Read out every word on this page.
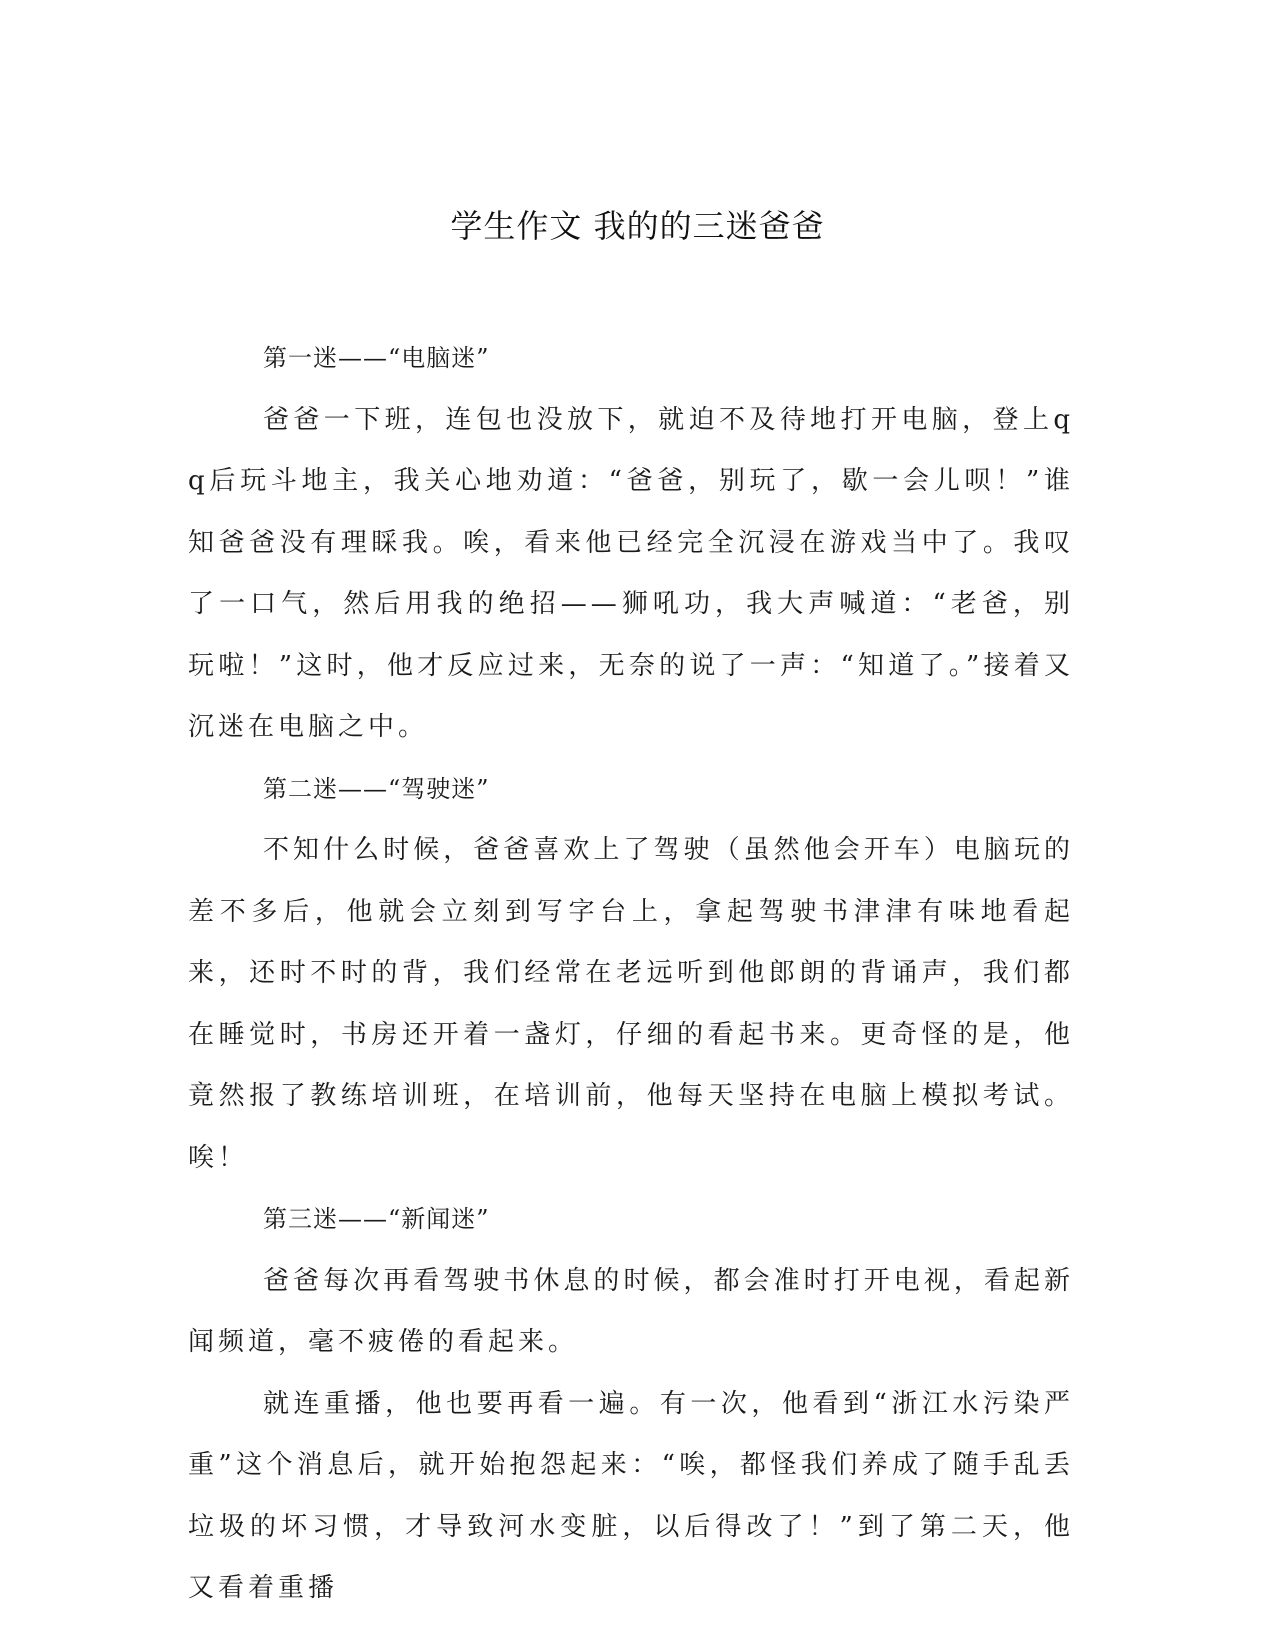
学生作文 我的的三迷爸爸

第一迷——“电脑迷”

爸爸一下班，连包也没放下，就迫不及待地打开电脑，登上qq后玩斗地主，我关心地劝道：“爸爸，别玩了，歇一会儿呗！”谁知爸爸没有理睬我。唉，看来他已经完全沉浸在游戏当中了。我叹了一口气，然后用我的绝招——狮吼功，我大声喊道：“老爸，别玩啦！”这时，他才反应过来，无奈的说了一声：“知道了。”接着又沉迷在电脑之中。

第二迷——“驾驶迷”

不知什么时候，爸爸喜欢上了驾驶（虽然他会开车）电脑玩的差不多后，他就会立刻到写字台上，拿起驾驶书津津有味地看起来，还时不时的背，我们经常在老远听到他郎朗的背诵声，我们都在睡觉时，书房还开着一盏灯，仔细的看起书来。更奇怪的是，他竟然报了教练培训班，在培训前，他每天坚持在电脑上模拟考试。唉！

第三迷——“新闻迷”

爸爸每次再看驾驶书休息的时候，都会准时打开电视，看起新闻频道，毫不疲倦的看起来。

就连重播，他也要再看一遍。有一次，他看到“浙江水污染严重”这个消息后，就开始抱怨起来：“唉，都怪我们养成了随手乱丢垃圾的坏习惯，才导致河水变脏，以后得改了！”到了第二天，他又看着重播
